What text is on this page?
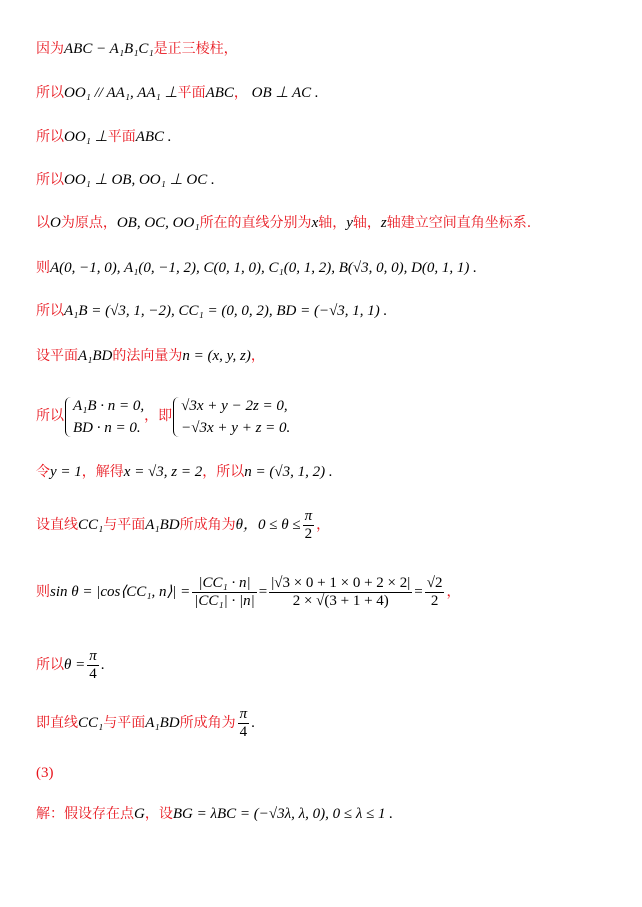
因为ABC − A₁B₁C₁是正三棱柱，
所以OO₁ // AA₁, AA₁ ⊥平面ABC， OB ⊥ AC .
所以OO₁ ⊥平面ABC .
所以OO₁ ⊥ OB, OO₁ ⊥ OC .
以O为原点，OB, OC, OO₁所在的直线分别为x轴，y轴，z轴建立空间直角坐标系.
则A(0, −1, 0), A₁(0, −1, 2), C(0, 1, 0), C₁(0, 1, 2), B(√3, 0, 0), D(0, 1, 1) .
所以A₁B = (√3, 1, −2), CC₁ = (0, 0, 2), BD = (−√3, 1, 1) .
设平面A₁BD的法向量为n = (x, y, z)，
所以
A₁B · n = 0,
BD · n = 0.
，即
√3x + y − 2z = 0,
−√3x + y + z = 0.
令y = 1，解得x = √3, z = 2，所以n = (√3, 1, 2) .
设直线CC₁与平面A₁BD所成角为θ，$0 \le \theta \le \frac{\pi}{2}$ ，
则sin θ = |cos⟨CC₁, n⟩| = $\frac{\text{|CC₁ · n|}}{\text{|CC₁| · |n|}} = \frac{|√3 \times 0 + 1 \times 0 + 2 \times 2|}{2 \times √(3 + 1 + 4)} = \frac{√2}{2}$ ，
所以$\theta = \frac{\pi}{4}$ .
即直线CC₁与平面A₁BD所成角为 $\frac{\pi}{4}$ .
(3)
解：假设存在点G，设BG = λBC = (−√3λ, λ, 0), 0 ≤ λ ≤ 1 .
